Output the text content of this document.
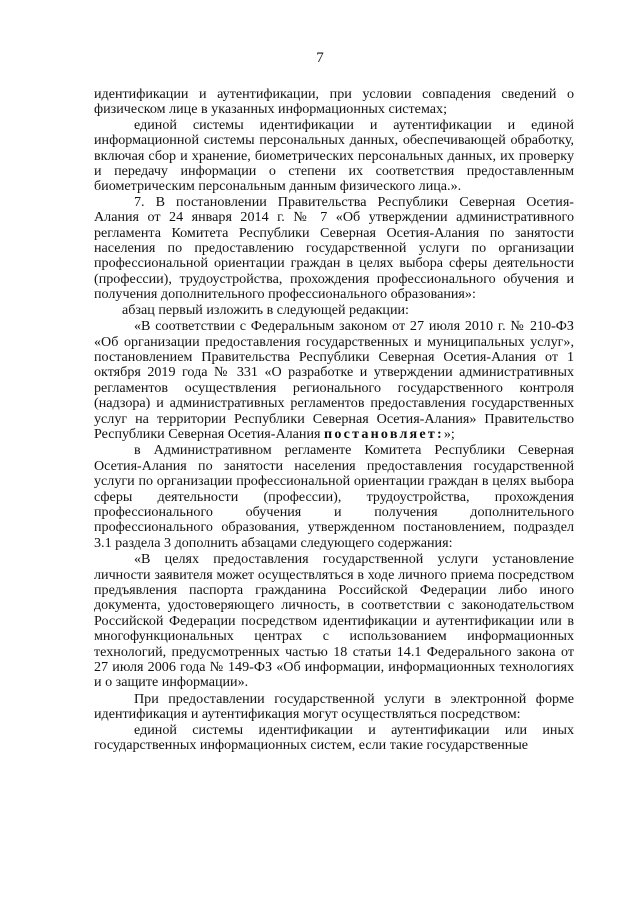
7

идентификации и аутентификации, при условии совпадения сведений о физическом лице в указанных информационных системах;

единой системы идентификации и аутентификации и единой информационной системы персональных данных, обеспечивающей обработку, включая сбор и хранение, биометрических персональных данных, их проверку и передачу информации о степени их соответствия предоставленным биометрическим персональным данным физического лица.».

7. В постановлении Правительства Республики Северная Осетия-Алания от 24 января 2014 г. № 7 «Об утверждении административного регламента Комитета Республики Северная Осетия-Алания по занятости населения по предоставлению государственной услуги по организации профессиональной ориентации граждан в целях выбора сферы деятельности (профессии), трудоустройства, прохождения профессионального обучения и получения дополнительного профессионального образования»:

абзац первый изложить в следующей редакции:

«В соответствии с Федеральным законом от 27 июля 2010 г. № 210-ФЗ «Об организации предоставления государственных и муниципальных услуг», постановлением Правительства Республики Северная Осетия-Алания от 1 октября 2019 года № 331 «О разработке и утверждении административных регламентов осуществления регионального государственного контроля (надзора) и административных регламентов предоставления государственных услуг на территории Республики Северная Осетия-Алания» Правительство Республики Северная Осетия-Алания постановляет:»;

в Административном регламенте Комитета Республики Северная Осетия-Алания по занятости населения предоставления государственной услуги по организации профессиональной ориентации граждан в целях выбора сферы деятельности (профессии), трудоустройства, прохождения профессионального обучения и получения дополнительного профессионального образования, утвержденном постановлением, подраздел 3.1 раздела 3 дополнить абзацами следующего содержания:

«В целях предоставления государственной услуги установление личности заявителя может осуществляться в ходе личного приема посредством предъявления паспорта гражданина Российской Федерации либо иного документа, удостоверяющего личность, в соответствии с законодательством Российской Федерации посредством идентификации и аутентификации или в многофункциональных центрах с использованием информационных технологий, предусмотренных частью 18 статьи 14.1 Федерального закона от 27 июля 2006 года № 149-ФЗ «Об информации, информационных технологиях и о защите информации».

При предоставлении государственной услуги в электронной форме идентификация и аутентификация могут осуществляться посредством:

единой системы идентификации и аутентификации или иных государственных информационных систем, если такие государственные
